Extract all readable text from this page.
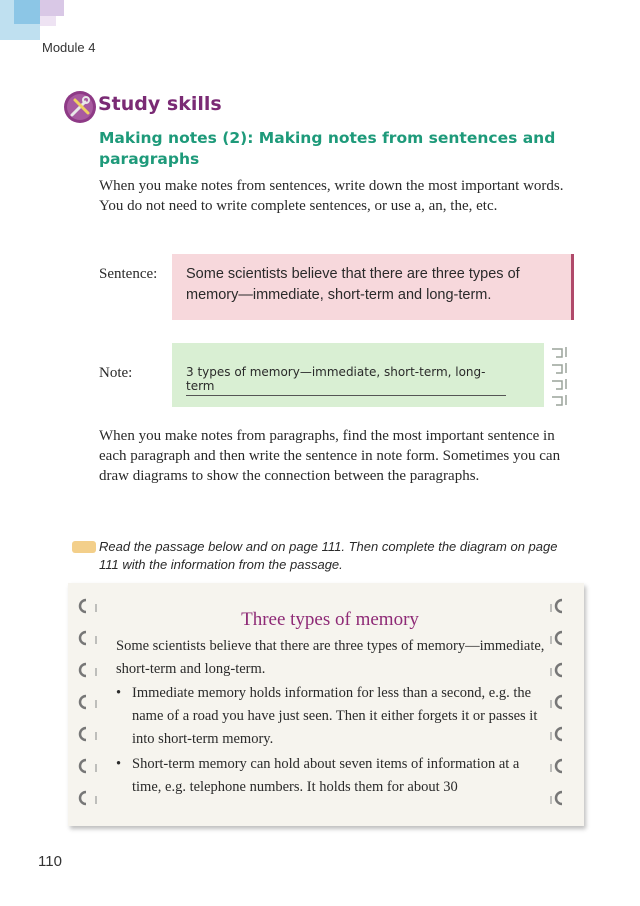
Module 4
Study skills
Making notes (2): Making notes from sentences and paragraphs
When you make notes from sentences, write down the most important words. You do not need to write complete sentences, or use a, an, the, etc.
Sentence:	Some scientists believe that there are three types of memory—immediate, short-term and long-term.
Note:	3 types of memory—immediate, short-term, long-term
When you make notes from paragraphs, find the most important sentence in each paragraph and then write the sentence in note form. Sometimes you can draw diagrams to show the connection between the paragraphs.
Read the passage below and on page 111. Then complete the diagram on page 111 with the information from the passage.
Three types of memory
Some scientists believe that there are three types of memory—immediate, short-term and long-term.
• Immediate memory holds information for less than a second, e.g. the name of a road you have just seen. Then it either forgets it or passes it into short-term memory.
• Short-term memory can hold about seven items of information at a time, e.g. telephone numbers. It holds them for about 30
110
